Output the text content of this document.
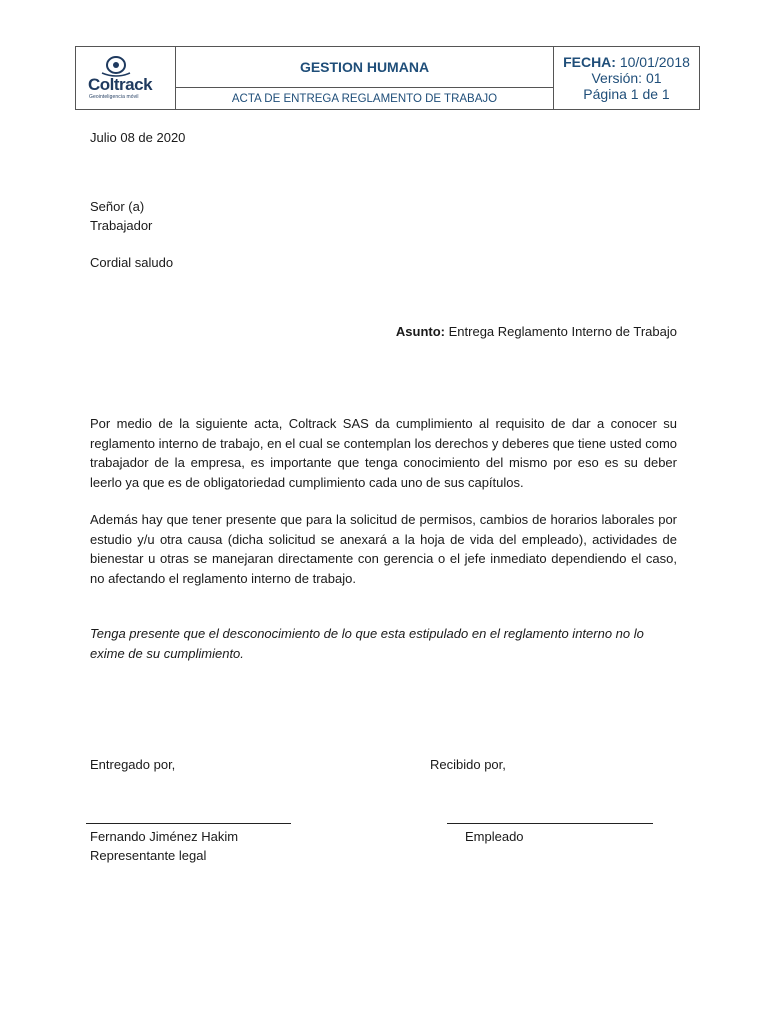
Coltrack
Geointeligencia móvil
GESTION HUMANA
ACTA DE ENTREGA REGLAMENTO DE TRABAJO
FECHA: 10/01/2018
Versión: 01
Página 1 de 1
Julio 08 de 2020
Señor (a)
Trabajador
Cordial saludo
Asunto: Entrega Reglamento Interno de Trabajo
Por medio de la siguiente acta, Coltrack SAS da cumplimiento al requisito de dar a conocer su reglamento interno de trabajo, en el cual se contemplan los derechos y deberes que tiene usted como trabajador de la empresa, es importante que tenga conocimiento del mismo por eso es su deber leerlo ya que es de obligatoriedad cumplimiento cada uno de sus capítulos.
Además hay que tener presente que para la solicitud de permisos, cambios de horarios laborales por estudio y/u otra causa (dicha solicitud se anexará a la hoja de vida del empleado), actividades de bienestar u otras se manejaran directamente con gerencia o el jefe inmediato dependiendo el caso, no afectando el reglamento interno de trabajo.
Tenga presente que el desconocimiento de lo que esta estipulado en el reglamento interno no lo exime de su cumplimiento.
Entregado por,	Recibido por,
Fernando Jiménez Hakim
Representante legal
Empleado
